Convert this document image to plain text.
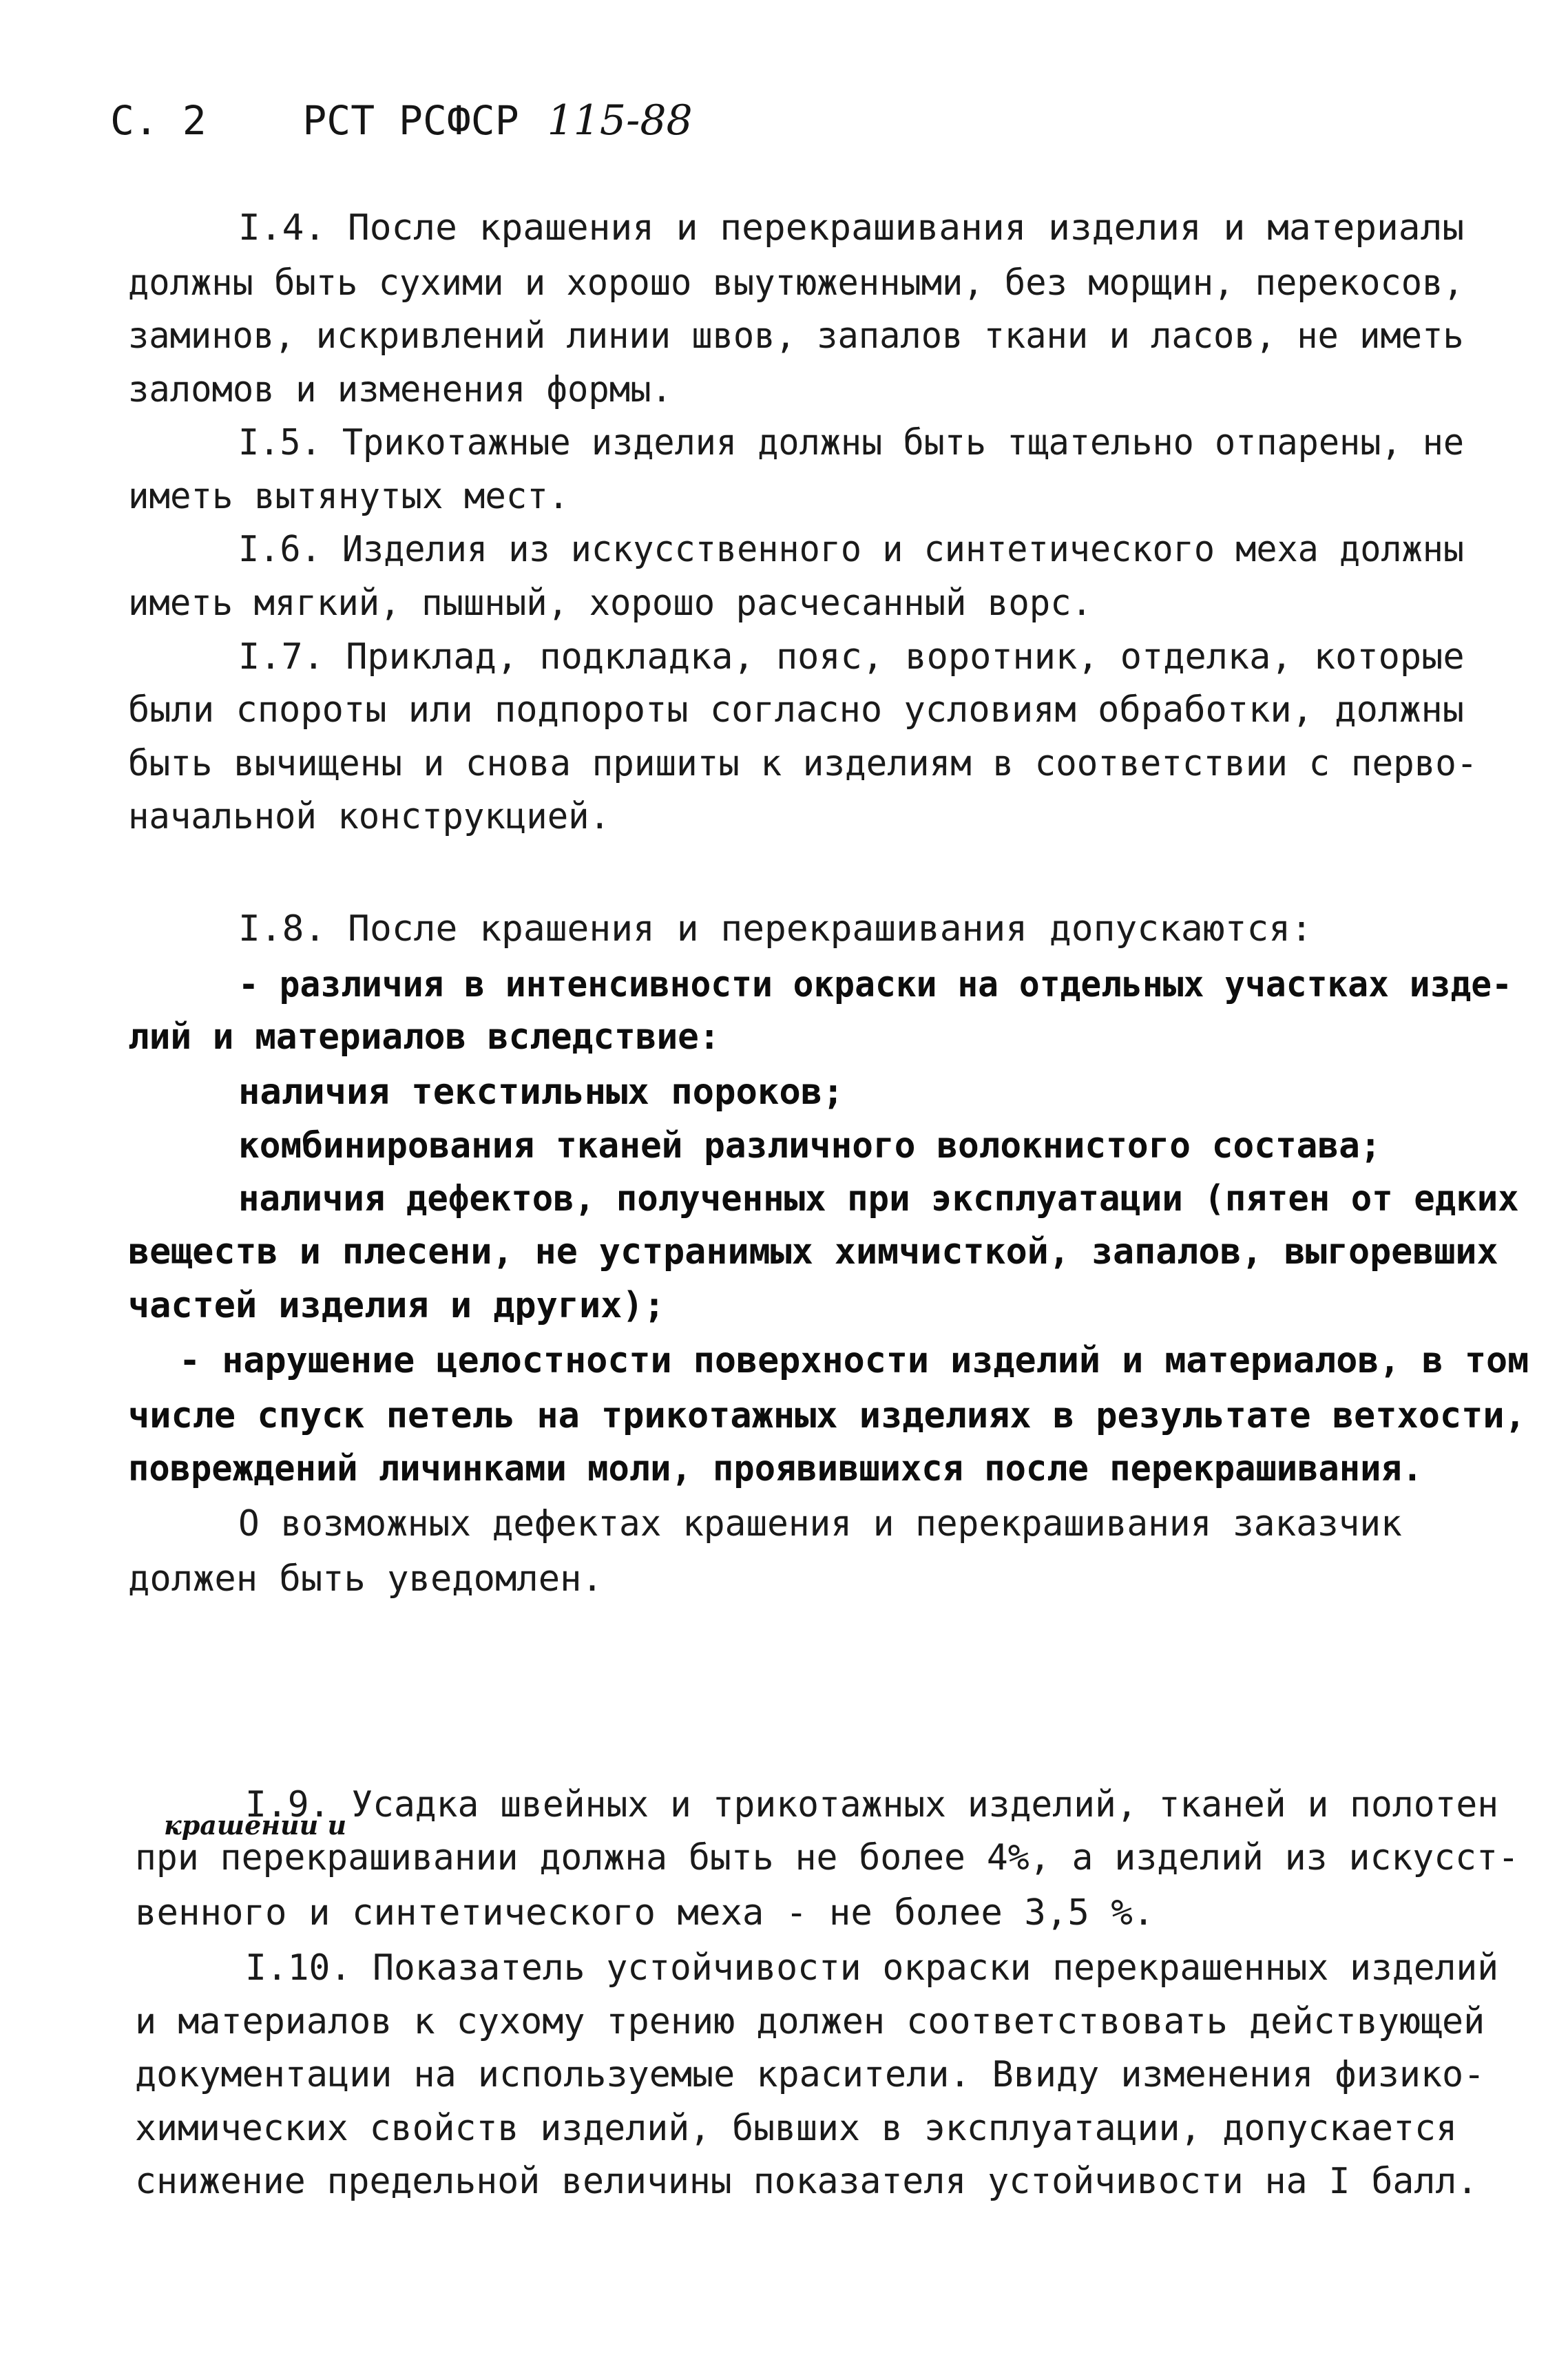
С. 2 РСТ РСФСР 115-88
I.4. После крашения и перекрашивания изделия и материалы
должны быть сухими и хорошо выутюженными, без морщин, перекосов,
заминов, искривлений линии швов, запалов ткани и ласов, не иметь
заломов и изменения формы.
I.5. Трикотажные изделия должны быть тщательно отпарены, не
иметь вытянутых мест.
I.6. Изделия из искусственного и синтетического меха должны
иметь мягкий, пышный, хорошо расчесанный ворс.
I.7. Приклад, подкладка, пояс, воротник, отделка, которые
были спороты или подпороты согласно условиям обработки, должны
быть вычищены и снова пришиты к изделиям в соответствии с перво-
начальной конструкцией.
I.8. После крашения и перекрашивания допускаются:
- различия в интенсивности окраски на отдельных участках изде-
лий и материалов вследствие:
наличия текстильных пороков;
комбинирования тканей различного волокнистого состава;
наличия дефектов, полученных при эксплуатации (пятен от едких
веществ и плесени, не устранимых химчисткой, запалов, выгоревших
частей изделия и других);
- нарушение целостности поверхности изделий и материалов, в том
числе спуск петель на трикотажных изделиях в результате ветхости,
повреждений личинками моли, проявившихся после перекрашивания.
О возможных дефектах крашения и перекрашивания заказчик
должен быть уведомлен.
крашении и
I.9. Усадка швейных и трикотажных изделий, тканей и полотен
при перекрашивании должна быть не более 4%, а изделий из искусст-
венного и синтетического меха - не более 3,5 %.
I.10. Показатель устойчивости окраски перекрашенных изделий
и материалов к сухому трению должен соответствовать действующей
документации на используемые красители. Ввиду изменения физико-
химических свойств изделий, бывших в эксплуатации, допускается
снижение предельной величины показателя устойчивости на I балл.
